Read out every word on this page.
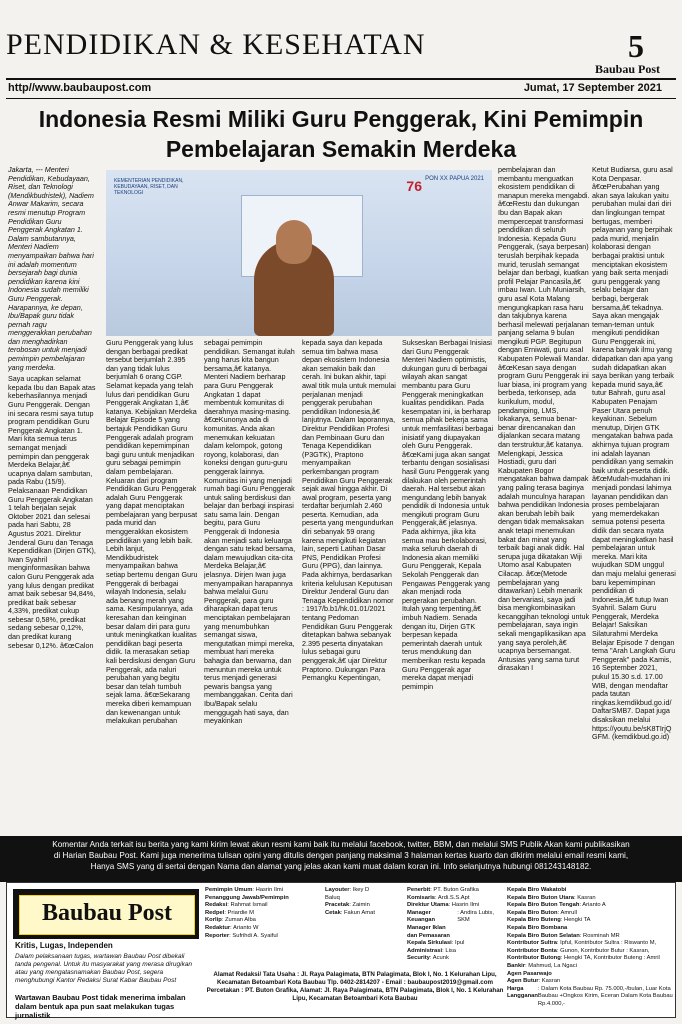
PENDIDIKAN & KESEHATAN	5
Baubau Post
http//www.baubaupost.com	Jumat, 17 September 2021
Indonesia Resmi Miliki Guru Penggerak, Kini Pemimpin Pembelajaran Semakin Merdeka
KEMENTERIAN PENDIDIKAN, KEBUDAYAAN, RISET, DAN TEKNOLOGI	76 PON XX PAPUA 2021

Jakarta, --- Menteri Pendidikan, Kebudayaan, Riset, dan Teknologi (Mendikbudristek), Nadiem Anwar Makarim, secara resmi menutup Program Pendidikan Guru Penggerak Angkatan 1. Dalam sambutannya, Menteri Nadiem menyampaikan bahwa hari ini adalah momentum bersejarah bagi dunia pendidikan karena kini Indonesia sudah memiliki Guru Penggerak. Harapannya, ke depan, Ibu/Bapak guru tidak pernah ragu menggerakkan perubahan dan menghadirkan terobosan untuk menjadi pemimpin pembelajaran yang merdeka.

Saya ucapkan selamat kepada Ibu dan Bapak atas keberhasilannya menjadi Guru Penggerak. Dengan ini secara resmi saya tutup program pendidikan Guru Penggerak Angkatan 1. Mari kita semua terus semangat menjadi pemimpin dan penggerak Merdeka Belajar,â€ ucapnya dalam sambutan, pada Rabu (15/9). Pelaksanaan Pendidikan Guru Penggerak Angkatan 1 telah berjalan sejak Oktober 2021 dan selesai pada hari Sabtu, 28 Agustus 2021. Direktur Jenderal Guru dan Tenaga Kependidikan (Dirjen GTK), Iwan Syahril menginformasikan bahwa calon Guru Penggerak ada yang lulus dengan predikat amat baik sebesar 94,84%, predikat baik sebesar 4,33%, predikat cukup sebesar 0,58%, predikat sedang sebesar 0,12%, dan predikat kurang sebesar 0,12%. â€œCalon

Guru Penggerak yang lulus dengan berbagai predikat tersebut berjumlah 2.395 dan yang tidak lulus berjumlah 6 orang CGP. Selamat kepada yang telah lulus dari pendidikan Guru Penggerak Angkatan 1,â€ katanya. Kebijakan Merdeka Belajar Episode 5 yang bertajuk Pendidikan Guru Penggerak adalah program pendidikan kepemimpinan bagi guru untuk menjadikan guru sebagai pemimpin dalam pembelajaran. Keluaran dari program Pendidikan Guru Penggerak adalah Guru Penggerak yang dapat menciptakan pembelajaran yang berpusat pada murid dan menggerakkan ekosistem pendidikan yang lebih baik. Lebih lanjut, Mendikbudristek menyampaikan bahwa setiap bertemu dengan Guru Penggerak di berbagai wilayah Indonesia, selalu ada benang merah yang sama. Kesimpulannya, ada keresahan dan keinginan besar dalam diri para guru untuk meningkatkan kualitas pendidikan bagi peserta didik. Ia merasakan setiap kali berdiskusi dengan Guru Penggerak, ada naluri perubahan yang begitu besar dan telah tumbuh sejak lama. â€œSekarang mereka diberi kemampuan dan kewenangan untuk melakukan perubahan

sebagai pemimpin pendidikan. Semangat itulah yang harus kita bangun bersama,â€ katanya. Menteri Nadiem berharap para Guru Penggerak Angkatan 1 dapat membentuk komunitas di daerahnya masing-masing. â€œKunonya ada di komunitas. Anda akan menemukan kekuatan dalam kelompok, gotong royong, kolaborasi, dan koneksi dengan guru-guru penggerak lainnya. Komunitas ini yang menjadi rumah bagi Guru Penggerak untuk saling berdiskusi dan belajar dan berbagi inspirasi satu sama lain. Dengan begitu, para Guru Penggerak di Indonesia akan menjadi satu keluarga dengan satu tekad bersama, dalam mewujudkan cita-cita Merdeka Belajar,â€ jelasnya. Dirjen Iwan juga menyampaikan harapannya bahwa melalui Guru Penggerak, para guru diharapkan dapat terus menciptakan pembelajaran yang menumbuhkan semangat siswa, mengutatkan mimpi mereka, membuat hari mereka bahagia dan berwarna, dan menuntun mereka untuk terus menjadi generasi pewaris bangsa yang membanggakan. Cerita dari Ibu/Bapak selalu menggugah hati saya, dan meyakinkan

kepada saya dan kepada semua tim bahwa masa depan ekosistem Indonesia akan semakin baik dan cerah. Ini bukan akhir, tapi awal titik mula untuk memulai perjalanan menjadi penggerak perubahan pendidikan Indonesia,â€ lanjutnya. Dalam laporannya, Direktur Pendidikan Profesi dan Pembinaan Guru dan Tenaga Kependidikan (P3GTK), Praptono menyampaikan perkembangan program Pendidikan Guru Penggerak sejak awal hingga akhir. Di awal program, peserta yang terdaftar berjumlah 2.460 peserta. Kemudian, ada peserta yang mengundurkan diri sebanyak 59 orang karena mengikuti kegiatan lain, seperti Latihan Dasar PNS, Pendidikan Profesi Guru (PPG), dan lainnya. Pada akhirnya, berdasarkan kriteria kelulusan Keputusan Direktur Jenderal Guru dan Tenaga Kependidikan nomor : 1917/b.b1/hk.01.01/2021 tentang Pedoman Pendidikan Guru Penggerak ditetapkan bahwa sebanyak 2.395 peserta dinyatakan lulus sebagai guru penggerak,â€ ujar Direktur Praptono. Dukungan Para Pemangku Kepentingan,

Sukseskan Berbagai Inisiasi dari Guru Penggerak Menteri Nadiem optimistis, dukungan guru di berbagai wilayah akan sangat membantu para Guru Penggerak meningkatkan kualitas pendidikan. Pada kesempatan ini, ia berharap semua pihak bekerja sama untuk memfasilitasi berbagai inisiatif yang diupayakan oleh Guru Penggerak. â€œKami juga akan sangat terbantu dengan sosialisasi hasil Guru Penggerak yang dilakukan oleh pemerintah daerah. Hal tersebut akan mengundang lebih banyak pendidik di Indonesia untuk mengikuti program Guru Penggerak,â€ jelasnya. Pada akhirnya, jika kita semua mau berkolaborasi, maka seluruh daerah di Indonesia akan memiliki Guru Penggerak, Kepala Sekolah Penggerak dan Pengawas Penggerak yang akan menjadi roda pergerakan perubahan. Itulah yang terpenting,â€ imbuh Nadiem. Senada dengan itu, Dirjen GTK berpesan kepada pemerintah daerah untuk terus mendukung dan memberikan restu kepada Guru Penggerak agar mereka dapat menjadi pemimpin

pembelajaran dan membantu menguatkan ekosistem pendidikan di manapun mereka mengabdi. â€œRestu dan dukungan Ibu dan Bapak akan mempercepat transformasi pendidikan di seluruh Indonesia. Kepada Guru Penggerak, (saya berpesan) teruslah berpihak kepada murid, teruslah semangat belajar dan berbagi, kuatkan profil Pelajar Pancasila,â€ imbau Iwan. Luh Muniarsih, guru asal Kota Malang mengungkapkan rasa haru dan takjubnya karena berhasil melewati perjalanan panjang selama 9 bulan mengikuti PGP. Begitupun dengan Erniwati, guru asal Kabupaten Polewali Mandar. â€œKesan saya dengan program Guru Penggerak ini luar biasa, ini program yang berbeda, terkonsep, ada kurikulum, modul, pendamping, LMS, lokakarya, semua benar-benar direncanakan dan dijalankan secara matang dan terstruktur,â€ katanya. Melengkapi, Jessica Hostiadi, guru dari Kabupaten Bogor mengatakan bahwa dampak yang paling terasa baginya adalah munculnya harapan bahwa pendidikan Indonesia akan berubah lebih baik dengan tidak memaksakan anak tetapi menemukan bakat dan minat yang terbaik bagi anak didik. Hal serupa juga dikatakan Wiji Utomo asal Kabupaten Cilacap. â€œ(Metode pembelajaran yang ditawarkan) Lebih menarik dan bervariasi, saya jadi bisa mengkombinasikan kecanggihan teknologi untuk pembelajaran, saya ingin sekali mengaplikasikan apa yang saya peroleh,â€ ucapnya bersemangat. Antusias yang sama turut dirasakan I

Ketut Budiarsa, guru asal Kota Denpasar. â€œPerubahan yang akan saya lakukan yaitu perubahan mulai dari diri dan lingkungan tempat bertugas, memberi pelayanan yang berpihak pada murid, menjalin kolaborasi dengan berbagai praktisi untuk menciptakan ekosistem yang baik serta menjadi guru penggerak yang selalu belajar dan berbagi, bergerak bersama,â€ tekadnya. Saya akan mengajak teman-teman untuk mengikuti pendidikan Guru Penggerak ini, karena banyak ilmu yang didapatkan dan apa yang sudah didapatkan akan saya berikan yang terbaik kepada murid saya,â€ tutur Bahrah, guru asal Kabupaten Penajam Paser Utara penuh keyakinan. Sebelum menutup, Dirjen GTK mengatakan bahwa pada akhirnya tujuan program ini adalah layanan pendidikan yang semakin baik untuk peserta didik. â€œMudah-mudahan ini menjadi pondasi lahirnya layanan pendidikan dan proses pembelajaran yang memerdekakan semua potensi peserta didik dan secara nyata dapat meningkatkan hasil pembelajaran untuk mereka. Mari kita wujudkan SDM unggul dan maju melalui generasi baru kepemimpinan pendidikan di Indonesia,â€ tutup Iwan Syahril. Salam Guru Penggerak, Merdeka Belajar! Saksikan Silaturahmi Merdeka Belajar Episode 7 dengan tema "Arah Langkah Guru Penggerak" pada Kamis, 16 September 2021, pukul 15.30 s.d. 17.00 WIB, dengan mendaftar pada tautan ringkas.kemdikbud.go.id/DaftarSMB7. Dapat juga disaksikan melalui https://youtu.be/sK8TIrjQGFM. (kemdikbud.go.id)

Komentar Anda terkait isu berita yang kami kirim lewat akun resmi kami baik itu melalui facebook, twitter, BBM, dan melalui SMS Publik Akan kami publikasikan
di Harian Baubau Post. Kami juga menerima tulisan opini yang ditulis dengan panjang maksimal 3 halaman kertas kuarto dan dikirim melalui email resmi kami,
Hanya SMS yang di sertai dengan Nama dan alamat yang jelas akan kami muat dalam koran ini. Info selanjutnya hubungi 081243148182.
Baubau Post
Kritis, Lugas, Independen
Dalam pelaksanaan tugas, wartawan Baubau Post dibekali tanda pengenal. Untuk itu masyarakat yang merasa dirugikan atau yang mengatasnamakan Baubau Post, segera menghubungi Kantor Redaksi Surat Kabar Baubau Post
Wartawan Baubau Post tidak menerima imbalan dalam bentuk apa pun saat melakukan tugas jurnalistik
Pemimpin Umum : Hasrin Ilmi
Penanggung Jawab/Pemimpin
Redaksi : Rahmat Ismail
Redpel : Priardie M
Korlip : Zuman Alba
Redaktur : Arianto W
Reporter : Sufrihdi A. Syaiful
Layouter : Ikey D
Baluq
Pracetak : Zaimin
Cetak : Fakun Amat
Penerbit : PT. Buton Grafika
Komisaris : Ardi.S.S.Apt
Direktur Utama : Hasrin Ilmi
Manager Keuangan
: Andira Lubis, SKM
Manager Iklan
dan Pemasaran
Kepala Sirkulasi : Ipul
Administrasi : Lisa
Security : Acunk
Kepala Biro Wakatobi
Kepala Biro Buton Utara : Kasran
Kepala Biro Buton Tengah : Arianto A
Kepala Biro Buton : Amrull
Kepala Biro Buteng : Hengki TA
Kepala Biro Bombana
Kepala Biro Buton Selatan : Rosminah MR
Kontributor Sultra : Ipful, Kontributor Sultra : Riswanto M,
Kontributor Bonta : Gunon, Kontributor Butur : Kasran,
Kontributor Butong : Hengki TA, Kontributor Buteng : Amril
Bankir : Mahmud, La Ngaci
Agen Pasarwajo
Agen Butur : Kasran
Harga Langganan
: Dalam Kota Baubau Rp. 75.000,-/bulan, Luar Kota Baubau +Ongkos Kirim, Eceran Dalam Kota Baubau : Rp.4.000,-
Alamat Redaksi/ Tata Usaha : Jl. Raya Palagimata, BTN Palagimata, Blok I, No. 1 Kelurahan Lipu, Kecamatan Betoambari Kota Baubau Tlp. 0402-2814207 - Email : baubaupost2019@gmail.com Percetakan : PT. Buton Grafika, Alamat: Jl. Raya Palagimata, BTN Palagimata, Blok I, No. 1 Kelurahan Lipu, Kecamatan Betoambari Kota Baubau
